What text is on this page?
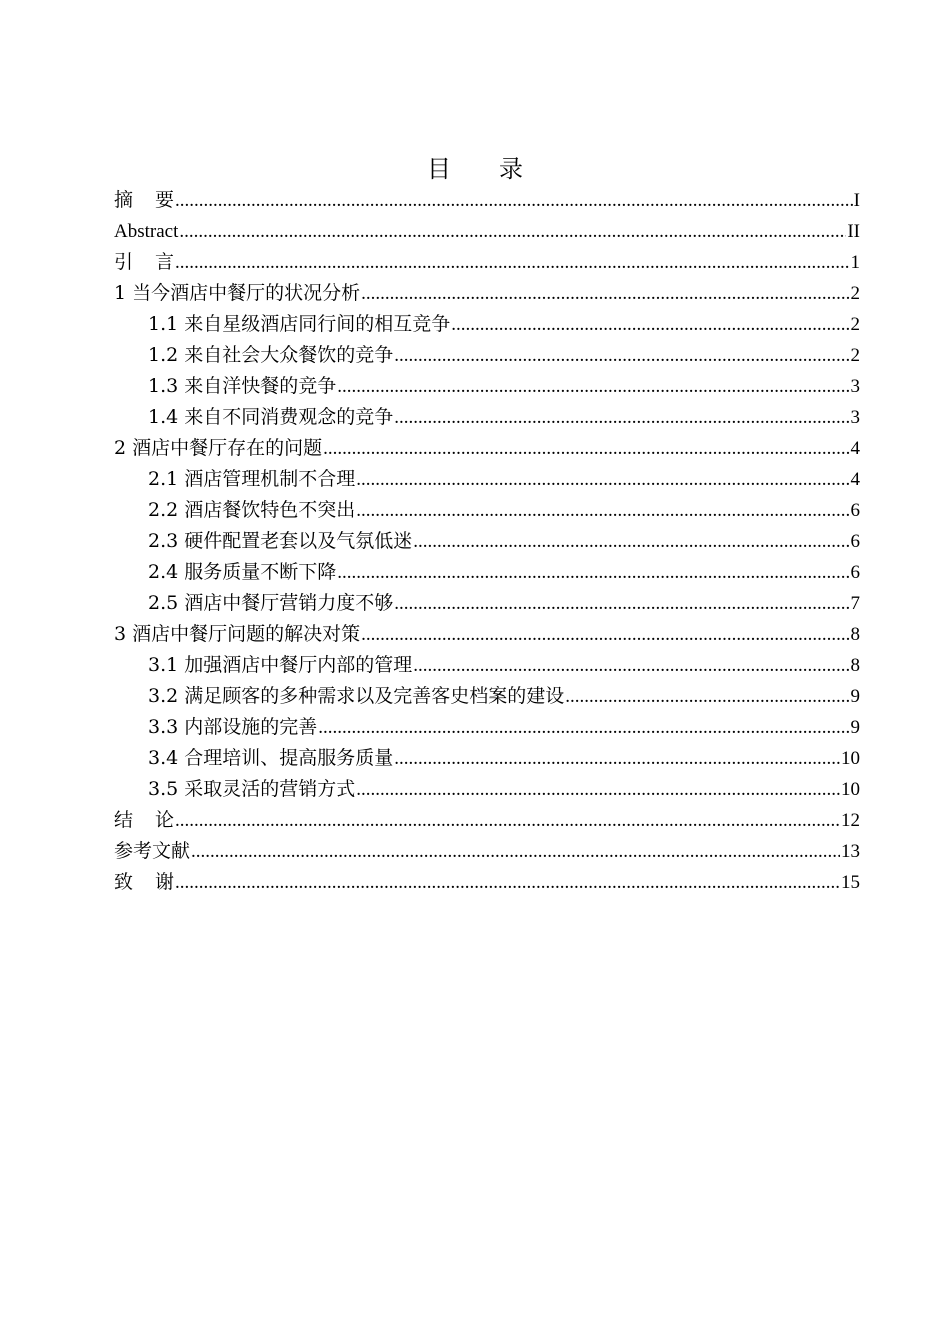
目 录
摘 要 .....	I
Abstract .....	II
引 言 .....	1
1 当今酒店中餐厅的状况分析 .....	2
1.1 来自星级酒店同行间的相互竞争 .....	2
1.2 来自社会大众餐饮的竞争 .....	2
1.3 来自洋快餐的竞争 .....	3
1.4 来自不同消费观念的竞争 .....	3
2 酒店中餐厅存在的问题 .....	4
2.1 酒店管理机制不合理 .....	4
2.2 酒店餐饮特色不突出 .....	6
2.3 硬件配置老套以及气氛低迷 .....	6
2.4 服务质量不断下降 .....	6
2.5 酒店中餐厅营销力度不够 .....	7
3 酒店中餐厅问题的解决对策 .....	8
3.1 加强酒店中餐厅内部的管理 .....	8
3.2 满足顾客的多种需求以及完善客史档案的建设 .....	9
3.3 内部设施的完善 .....	9
3.4 合理培训、提高服务质量 .....	10
3.5 采取灵活的营销方式 .....	10
结 论 .....	12
参考文献 .....	13
致 谢 .....	15
